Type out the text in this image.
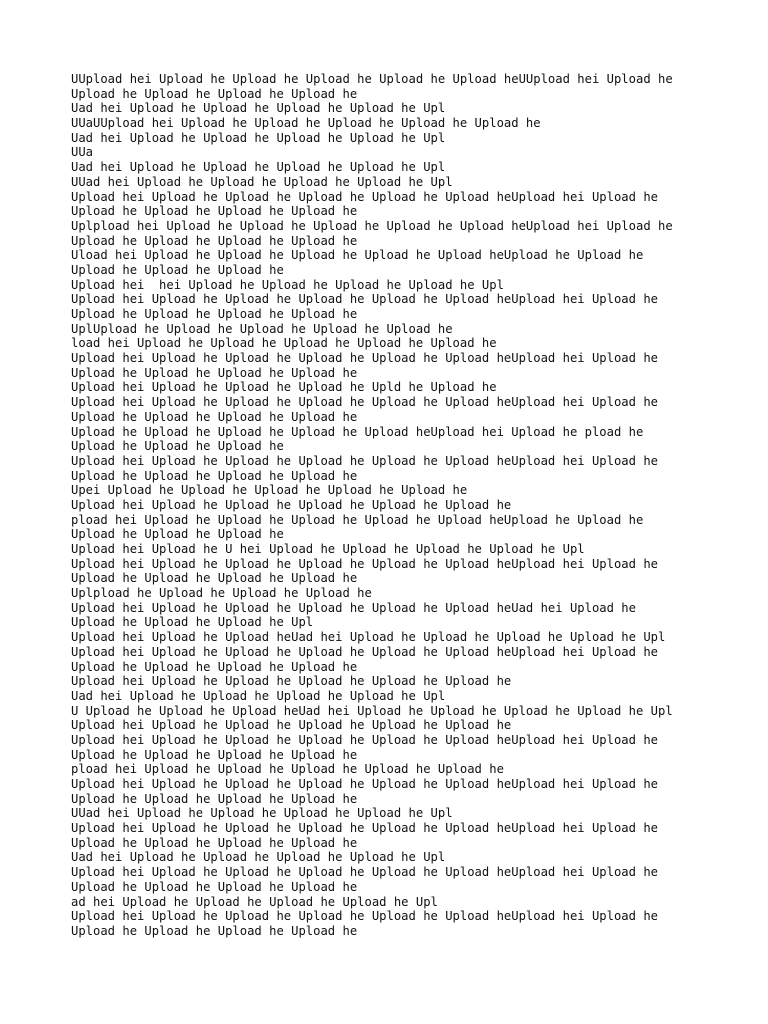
UUpload hei Upload he Upload he Upload he Upload he Upload heUUpload hei Upload he
Upload he Upload he Upload he Upload he
Uad hei Upload he Upload he Upload he Upload he Upl
UUaUUpload hei Upload he Upload he Upload he Upload he Upload he
Uad hei Upload he Upload he Upload he Upload he Upl
UUa
Uad hei Upload he Upload he Upload he Upload he Upl
UUad hei Upload he Upload he Upload he Upload he Upl
Upload hei Upload he Upload he Upload he Upload he Upload heUpload hei Upload he
Upload he Upload he Upload he Upload he
Uplpload hei Upload he Upload he Upload he Upload he Upload heUpload hei Upload he
Upload he Upload he Upload he Upload he
Uload hei Upload he Upload he Upload he Upload he Upload heUpload he Upload he
Upload he Upload he Upload he
Upload hei  hei Upload he Upload he Upload he Upload he Upl
Upload hei Upload he Upload he Upload he Upload he Upload heUpload hei Upload he
Upload he Upload he Upload he Upload he
UplUpload he Upload he Upload he Upload he Upload he
load hei Upload he Upload he Upload he Upload he Upload he
Upload hei Upload he Upload he Upload he Upload he Upload heUpload hei Upload he
Upload he Upload he Upload he Upload he
Upload hei Upload he Upload he Upload he Upld he Upload he
Upload hei Upload he Upload he Upload he Upload he Upload heUpload hei Upload he
Upload he Upload he Upload he Upload he
Upload he Upload he Upload he Upload he Upload heUpload hei Upload he pload he
Upload he Upload he Upload he
Upload hei Upload he Upload he Upload he Upload he Upload heUpload hei Upload he
Upload he Upload he Upload he Upload he
Upei Upload he Upload he Upload he Upload he Upload he
Upload hei Upload he Upload he Upload he Upload he Upload he
pload hei Upload he Upload he Upload he Upload he Upload heUpload he Upload he
Upload he Upload he Upload he
Upload hei Upload he U hei Upload he Upload he Upload he Upload he Upl
Upload hei Upload he Upload he Upload he Upload he Upload heUpload hei Upload he
Upload he Upload he Upload he Upload he
Uplpload he Upload he Upload he Upload he
Upload hei Upload he Upload he Upload he Upload he Upload heUad hei Upload he
Upload he Upload he Upload he Upl
Upload hei Upload he Upload heUad hei Upload he Upload he Upload he Upload he Upl
Upload hei Upload he Upload he Upload he Upload he Upload heUpload hei Upload he
Upload he Upload he Upload he Upload he
Upload hei Upload he Upload he Upload he Upload he Upload he
Uad hei Upload he Upload he Upload he Upload he Upl
U Upload he Upload he Upload heUad hei Upload he Upload he Upload he Upload he Upl
Upload hei Upload he Upload he Upload he Upload he Upload he
Upload hei Upload he Upload he Upload he Upload he Upload heUpload hei Upload he
Upload he Upload he Upload he Upload he
pload hei Upload he Upload he Upload he Upload he Upload he
Upload hei Upload he Upload he Upload he Upload he Upload heUpload hei Upload he
Upload he Upload he Upload he Upload he
UUad hei Upload he Upload he Upload he Upload he Upl
Upload hei Upload he Upload he Upload he Upload he Upload heUpload hei Upload he
Upload he Upload he Upload he Upload he
Uad hei Upload he Upload he Upload he Upload he Upl
Upload hei Upload he Upload he Upload he Upload he Upload heUpload hei Upload he
Upload he Upload he Upload he Upload he
ad hei Upload he Upload he Upload he Upload he Upl
Upload hei Upload he Upload he Upload he Upload he Upload heUpload hei Upload he
Upload he Upload he Upload he Upload he
